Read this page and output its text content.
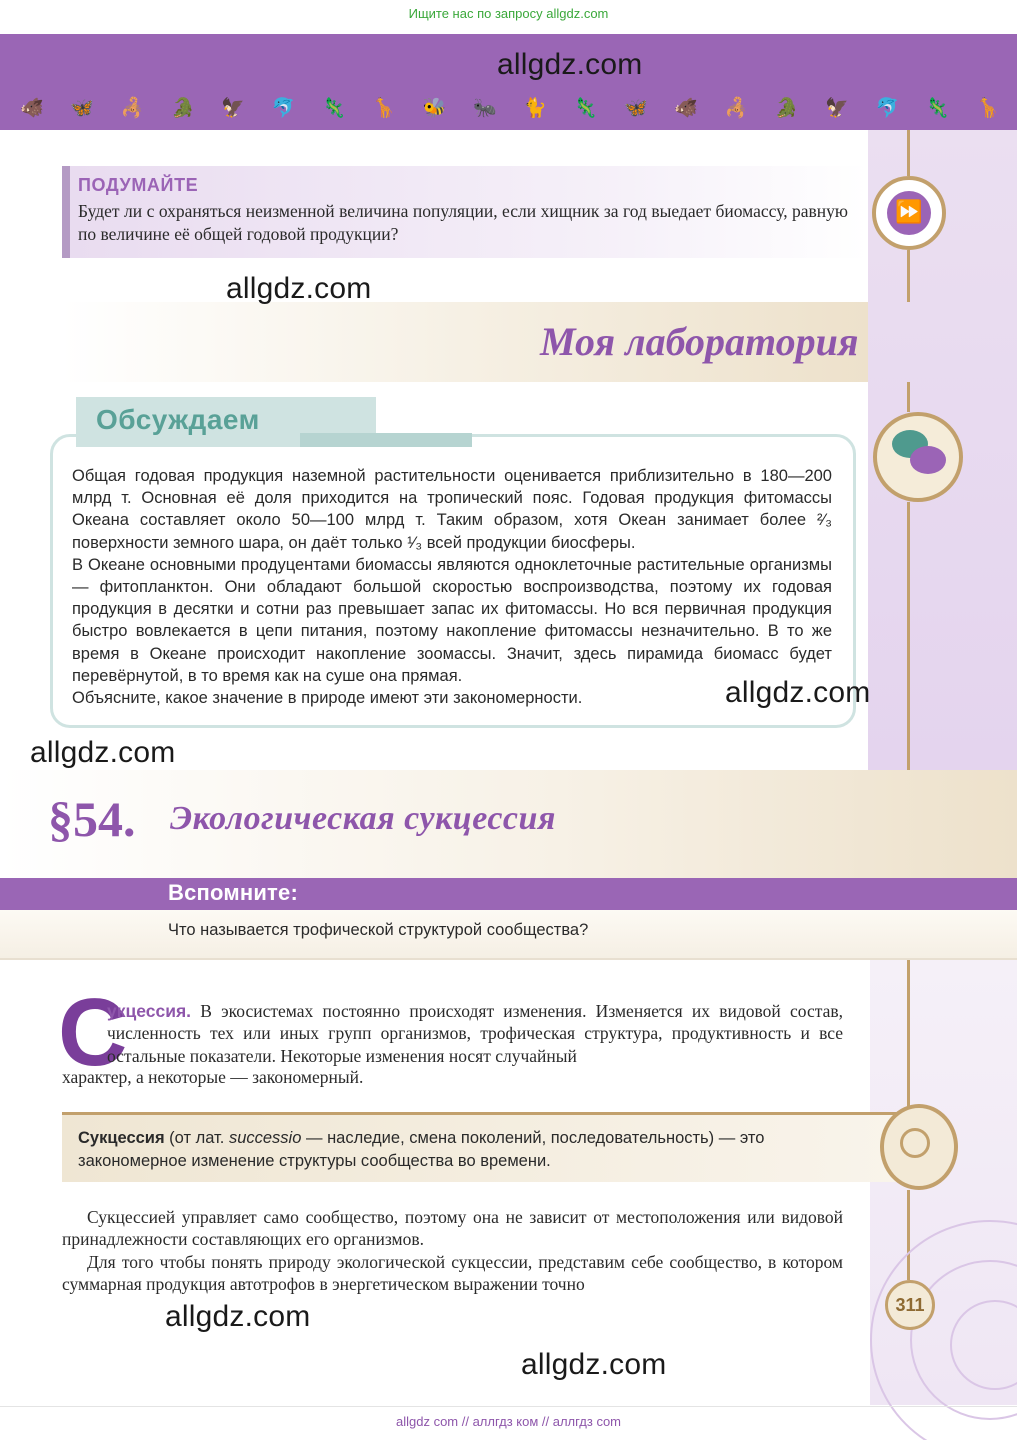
Ищите нас по запросу allgdz.com
🐗 🦋 🦂 🐊 🦅 🐬 🦎 🦒 🐝 🐜 🐈 🦎 🦋 🐗 🦂 🐊 🦅 🐬 🦎 🦒
ПОДУМАЙТЕ
Будет ли с охраняться неизменной величина популяции, если хищник за год выедает биомассу, равную по величине её общей годовой продукции?
⏩
Моя лаборатория
Обсуждаем
Общая годовая продукция наземной растительности оценивается приблизительно в 180—200 млрд т. Основная её доля приходится на тропический пояс. Годовая продукция фитомассы Океана составляет около 50—100 млрд т. Таким образом, хотя Океан занимает более ²⁄₃ поверхности земного шара, он даёт только ¹⁄₃ всей продукции биосферы.
В Океане основными продуцентами биомассы являются одноклеточные растительные организмы — фитопланктон. Они обладают большой скоростью воспроизводства, поэтому их годовая продукция в десятки и сотни раз превышает запас их фитомассы. Но вся первичная продукция быстро вовлекается в цепи питания, поэтому накопление фитомассы незначительно. В то же время в Океане происходит накопление зоомассы. Значит, здесь пирамида биомасс будет перевёрнутой, в то время как на суше она прямая.
Объясните, какое значение в природе имеют эти закономерности.
§54. Экологическая сукцессия
Вспомните:
Что называется трофической структурой сообщества?
С
укцессия. В экосистемах постоянно происходят изменения. Изменяется их видовой состав, численность тех или иных групп организмов, трофическая структура, продуктивность и все остальные показатели. Некоторые изменения носят случайный
характер, а некоторые — закономерный.
Сукцессия (от лат. successio — наследие, смена поколений, последовательность) — это закономерное изменение структуры сообщества во времени.
Сукцессией управляет само сообщество, поэтому она не зависит от местоположения или видовой принадлежности составляющих его организмов.
Для того чтобы понять природу экологической сукцессии, представим себе сообщество, в котором суммарная продукция автотрофов в энергетическом выражении точно
311
allgdz.com
allgdz.com
allgdz.com
allgdz.com
allgdz.com
allgdz.com
allgdz com // аллгдз ком // аллгдз com
